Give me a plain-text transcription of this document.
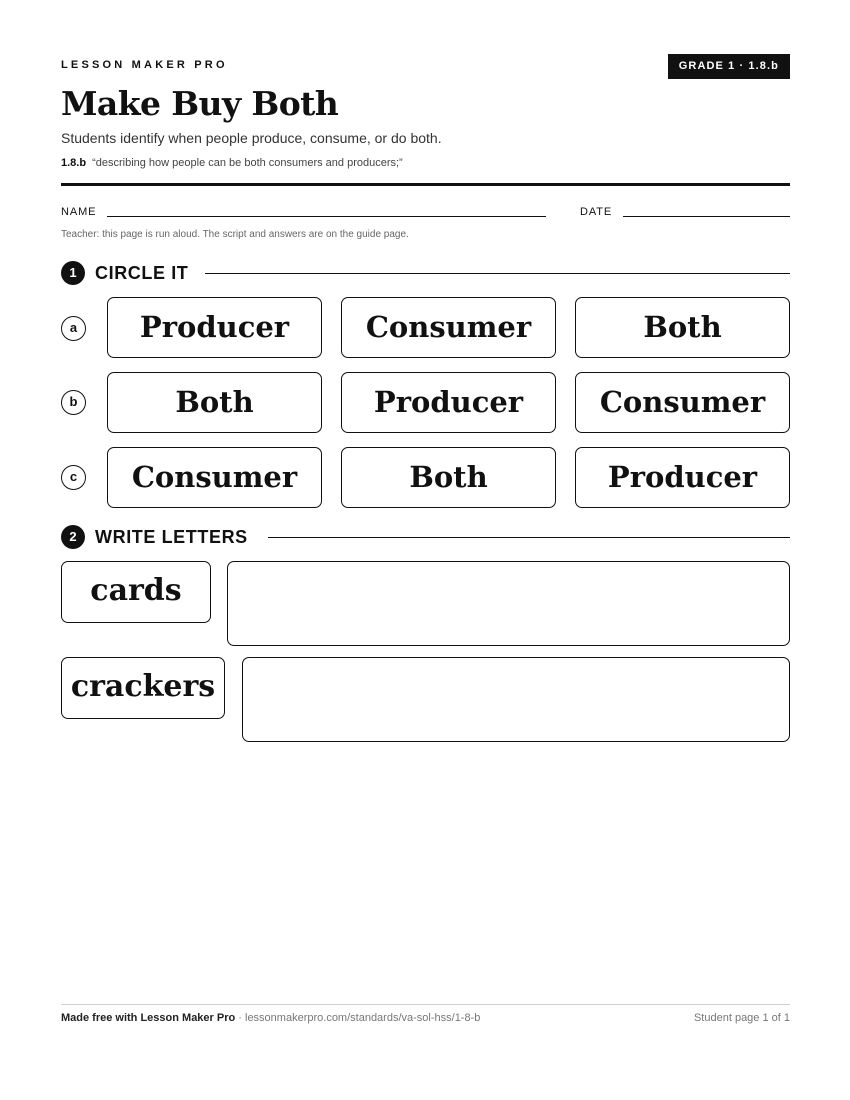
LESSON MAKER PRO	GRADE 1 · 1.8.b
Make Buy Both
Students identify when people produce, consume, or do both.
1.8.b “describing how people can be both consumers and producers;”
NAME	DATE
Teacher: this page is run aloud. The script and answers are on the guide page.
1	CIRCLE IT
a	Producer	Consumer	Both
b	Both	Producer	Consumer
c	Consumer	Both	Producer
2	WRITE LETTERS
cards
crackers
Made free with Lesson Maker Pro · lessonmakerpro.com/standards/va-sol-hss/1-8-b	Student page 1 of 1
